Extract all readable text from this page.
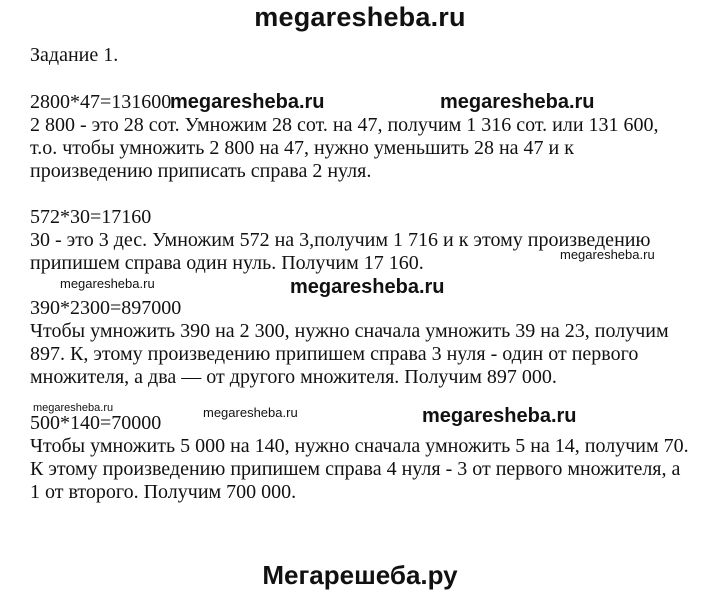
megaresheba.ru
Задание 1.
2800*47=131600
2 800 - это 28 сот. Умножим 28 сот. на 47, получим 1 316 сот. или 131 600,
т.о. чтобы умножить 2 800 на 47, нужно уменьшить 28 на 47 и к
произведению приписать справа 2 нуля.
572*30=17160
30 - это 3 дес. Умножим 572 на 3,получим 1 716 и к этому произведению
припишем справа один нуль. Получим 17 160.
390*2300=897000
Чтобы умножить 390 на 2 300, нужно сначала умножить 39 на 23, получим
897. К, этому произведению припишем справа 3 нуля - один от первого
множителя, а два — от другого множителя. Получим 897 000.
500*140=70000
Чтобы умножить 5 000 на 140, нужно сначала умножить 5 на 14, получим 70.
К этому произведению припишем справа 4 нуля - 3 от первого множителя, а
1 от второго. Получим 700 000.
megaresheba.ru	megaresheba.ru
megaresheba.ru
megaresheba.ru	megaresheba.ru
megaresheba.ru	megaresheba.ru	megaresheba.ru
Мегарешеба.ру
